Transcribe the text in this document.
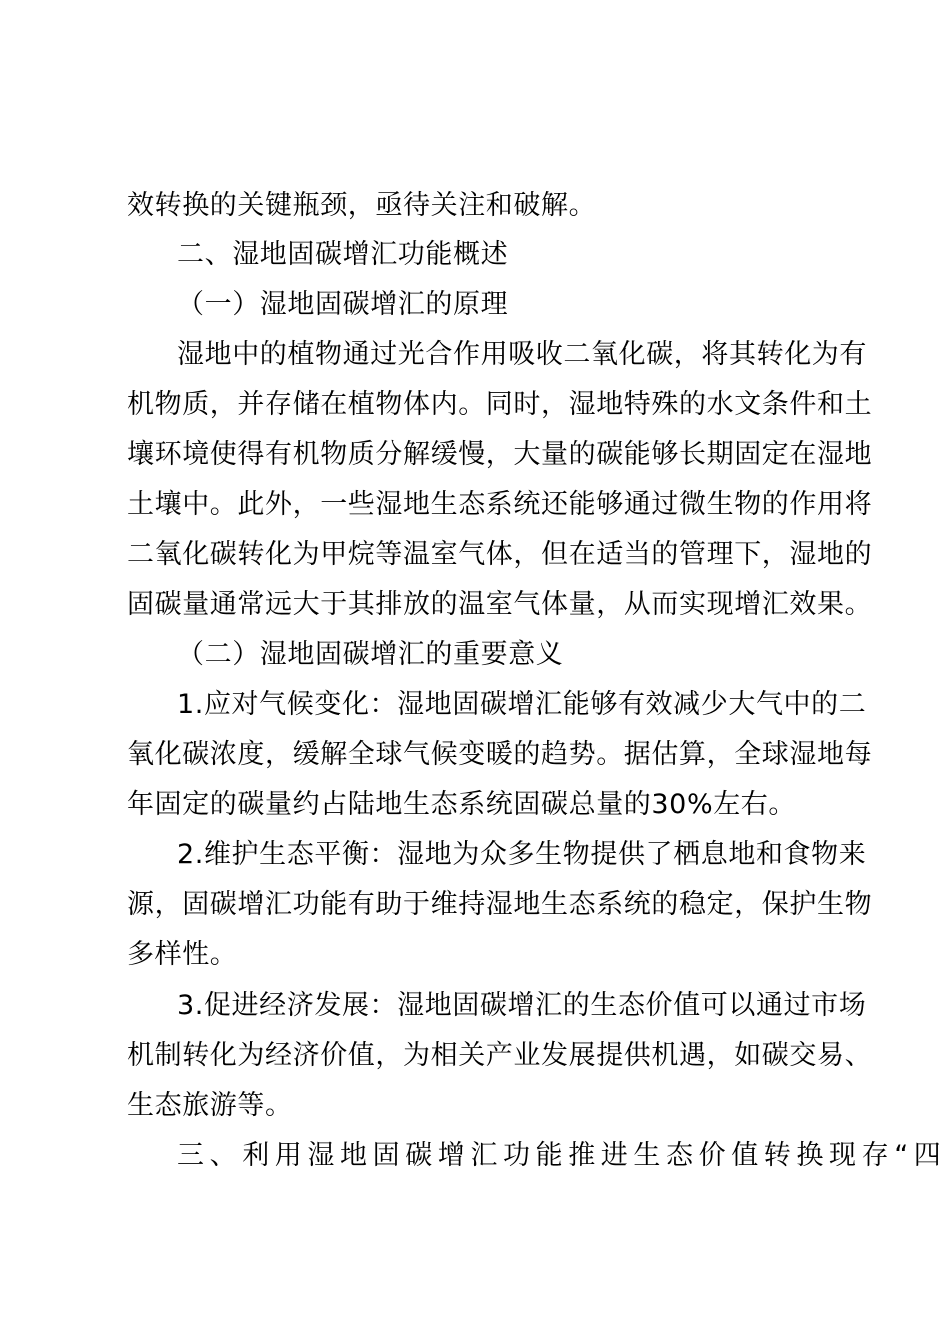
效转换的关键瓶颈，亟待关注和破解。
二、湿地固碳增汇功能概述
（一）湿地固碳增汇的原理
湿地中的植物通过光合作用吸收二氧化碳，将其转化为有
机物质，并存储在植物体内。同时，湿地特殊的水文条件和土
壤环境使得有机物质分解缓慢，大量的碳能够长期固定在湿地
土壤中。此外，一些湿地生态系统还能够通过微生物的作用将
二氧化碳转化为甲烷等温室气体，但在适当的管理下，湿地的
固碳量通常远大于其排放的温室气体量，从而实现增汇效果。
（二）湿地固碳增汇的重要意义
1.应对气候变化：湿地固碳增汇能够有效减少大气中的二
氧化碳浓度，缓解全球气候变暖的趋势。据估算，全球湿地每
年固定的碳量约占陆地生态系统固碳总量的30%左右。
2.维护生态平衡：湿地为众多生物提供了栖息地和食物来
源，固碳增汇功能有助于维持湿地生态系统的稳定，保护生物
多样性。
3.促进经济发展：湿地固碳增汇的生态价值可以通过市场
机制转化为经济价值，为相关产业发展提供机遇，如碳交易、
生态旅游等。
三、利用湿地固碳增汇功能推进生态价值转换现存“四
